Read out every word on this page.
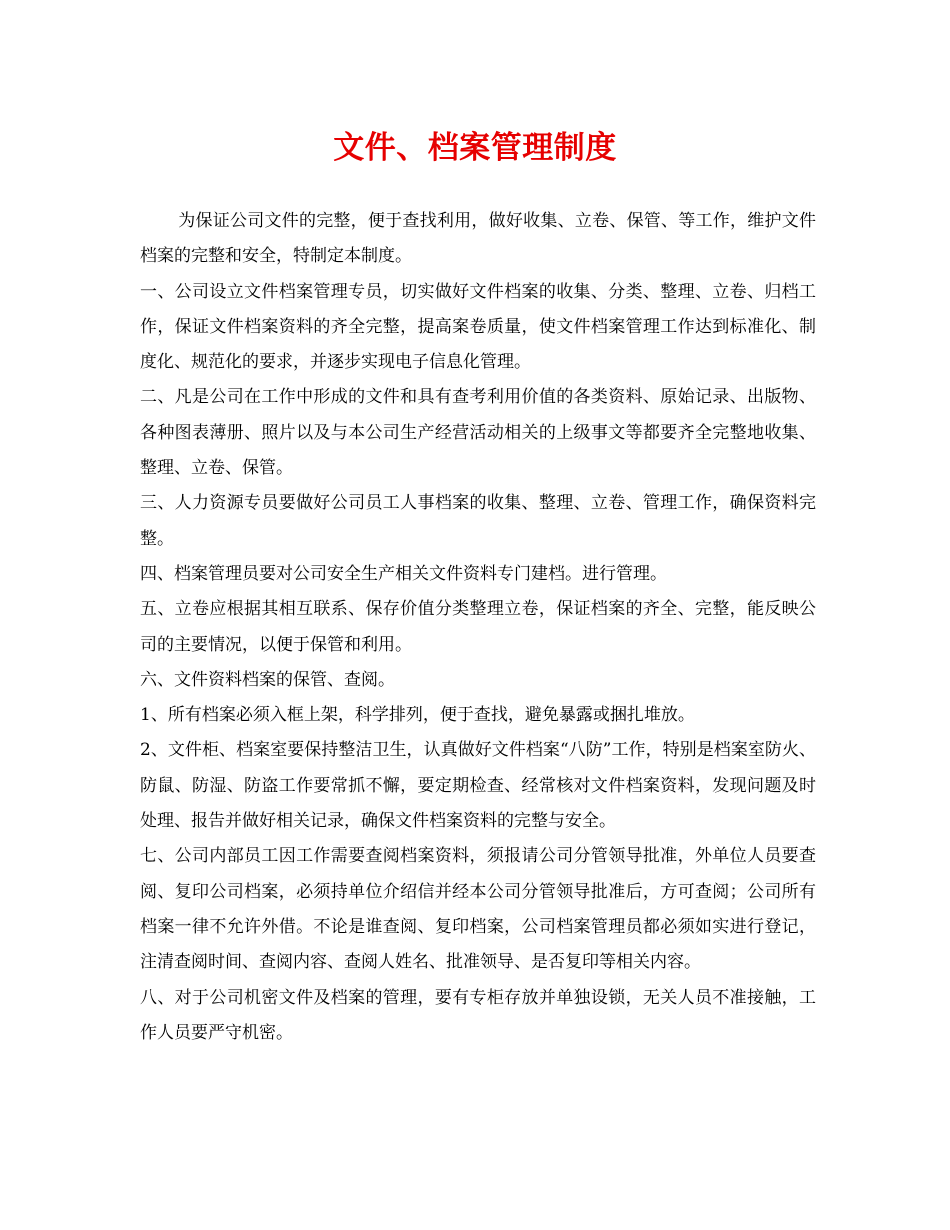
文件、档案管理制度

为保证公司文件的完整，便于查找利用，做好收集、立卷、保管、等工作，维护文件档案的完整和安全，特制定本制度。

一、公司设立文件档案管理专员，切实做好文件档案的收集、分类、整理、立卷、归档工作，保证文件档案资料的齐全完整，提高案卷质量，使文件档案管理工作达到标准化、制度化、规范化的要求，并逐步实现电子信息化管理。

二、凡是公司在工作中形成的文件和具有查考利用价值的各类资料、原始记录、出版物、各种图表薄册、照片以及与本公司生产经营活动相关的上级事文等都要齐全完整地收集、整理、立卷、保管。

三、人力资源专员要做好公司员工人事档案的收集、整理、立卷、管理工作，确保资料完整。

四、档案管理员要对公司安全生产相关文件资料专门建档。进行管理。

五、立卷应根据其相互联系、保存价值分类整理立卷，保证档案的齐全、完整，能反映公司的主要情况，以便于保管和利用。

六、文件资料档案的保管、查阅。

1、所有档案必须入框上架，科学排列，便于查找，避免暴露或捆扎堆放。

2、文件柜、档案室要保持整洁卫生，认真做好文件档案“八防”工作，特别是档案室防火、防鼠、防湿、防盗工作要常抓不懈，要定期检查、经常核对文件档案资料，发现问题及时处理、报告并做好相关记录，确保文件档案资料的完整与安全。

七、公司内部员工因工作需要查阅档案资料，须报请公司分管领导批准，外单位人员要查阅、复印公司档案，必须持单位介绍信并经本公司分管领导批准后，方可查阅；公司所有档案一律不允许外借。不论是谁查阅、复印档案，公司档案管理员都必须如实进行登记，注清查阅时间、查阅内容、查阅人姓名、批准领导、是否复印等相关内容。

八、对于公司机密文件及档案的管理，要有专柜存放并单独设锁，无关人员不准接触，工作人员要严守机密。
